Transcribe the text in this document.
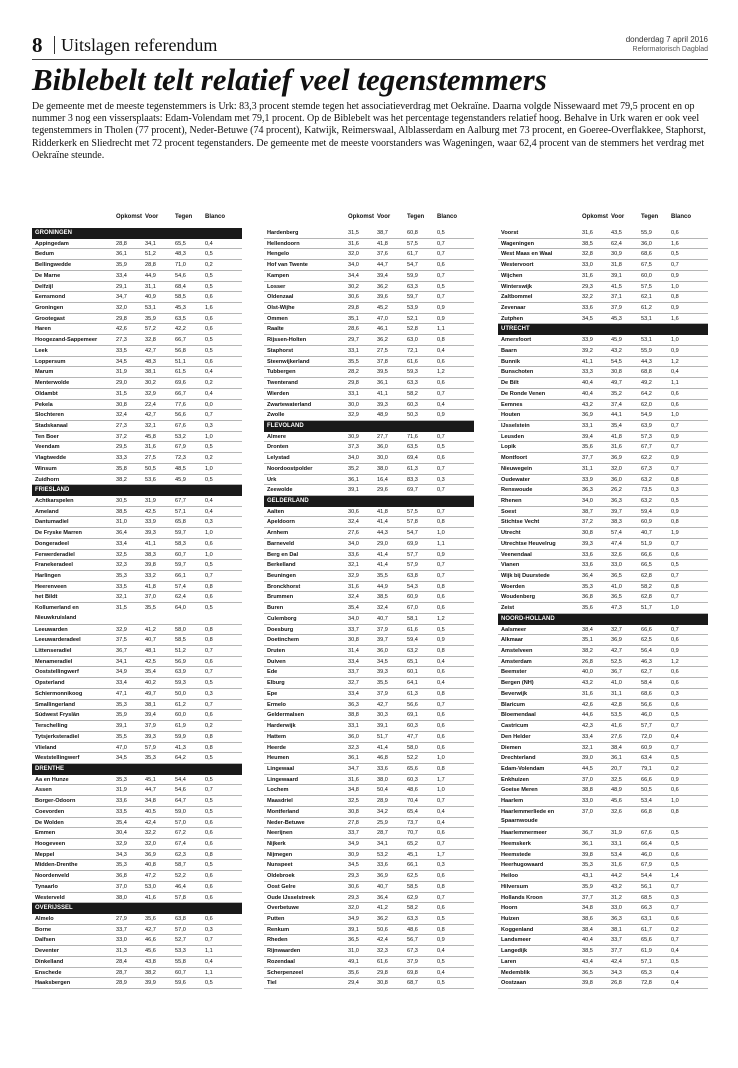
8 Uitslagen referendum	donderdag 7 april 2016
Reformatorisch Dagblad
Biblebelt telt relatief veel tegenstemmers

De gemeente met de meeste tegenstemmers is Urk: 83,3 procent stemde tegen het associatieverdrag met Oekraïne. Daarna volgde Nissewaard met 79,5 procent en op nummer 3 nog een vissersplaats: Edam-Volendam met 79,1 procent. Op de Biblebelt was het percentage tegenstanders relatief hoog. Behalve in Urk waren er ook veel tegenstemmers in Tholen (77 procent), Neder-Betuwe (74 procent), Katwijk, Reimerswaal, Alblasserdam en Aalburg met 73 procent, en Goeree-Overflakkee, Staphorst, Ridderkerk en Sliedrecht met 72 procent tegenstanders. De gemeente met de meeste voorstanders was Wageningen, waar 62,4 procent van de stemmers het verdrag met Oekraïne steunde.

Opkomst Voor	Tegen Blanco
GRONINGEN
Appingedam	28,8	34,1	65,5	0,4
Bedum	36,1	51,2	48,3	0,5
Bellingwedde	35,9	28,8	71,0	0,2
De Marne	33,4	44,9	54,6	0,5
Delfzijl	29,1	31,1	68,4	0,5
Eemsmond	34,7	40,9	58,5	0,6
Groningen	32,0	53,1	45,3	1,6
Grootegast	29,8	35,9	63,5	0,6
Haren	42,6	57,2	42,2	0,6
Hoogezand-Sappemeer	27,3	32,8	66,7	0,5
Leek	33,5	42,7	56,8	0,5
Loppersum	34,5	48,3	51,1	0,6
Marum	31,9	38,1	61,5	0,4
Menterwolde	29,0	30,2	69,6	0,2
Oldambt	31,5	32,9	66,7	0,4
Pekela	30,8	22,4	77,6	0,0
Slochteren	32,4	42,7	56,6	0,7
Stadskanaal	27,3	32,1	67,6	0,3
Ten Boer	37,2	45,8	53,2	1,0
Veendam	29,5	31,6	67,9	0,5
Vlagtwedde	33,3	27,5	72,3	0,2
Winsum	35,8	50,5	48,5	1,0
Zuidhorn	38,2	53,6	45,9	0,5
FRIESLAND
Achtkarspelen	30,5	31,9	67,7	0,4
Ameland	38,5	42,5	57,1	0,4
Dantumadiel	31,0	33,9	65,8	0,3
De Fryske Marren	36,4	39,3	59,7	1,0
Dongeradeel	33,4	41,1	58,3	0,6
Ferwerderadiel	32,5	38,3	60,7	1,0
Franekeradeel	32,3	39,8	59,7	0,5
Harlingen	35,3	33,2	66,1	0,7
Heerenveen	33,5	41,8	57,4	0,8
het Bildt	32,1	37,0	62,4	0,6
Kollumerland en Nieuwkruisland
31,5	35,5	64,0	0,5
Leeuwarden	32,9	41,2	58,0	0,8
Leeuwarderadeel	37,5	40,7	58,5	0,8
Littenseradiel	36,7	48,1	51,2	0,7
Menameradiel	34,1	42,5	56,9	0,6
Ooststellingwerf	34,9	35,4	63,9	0,7
Opsterland	33,4	40,2	59,3	0,5
Schiermonnikoog	47,1	49,7	50,0	0,3
Smallingerland	35,3	38,1	61,2	0,7
Súdwest Fryslân	35,9	39,4	60,0	0,6
Terschelling	39,1	37,9	61,9	0,2
Tytsjerksteradiel	35,5	39,3	59,9	0,8
Vlieland	47,0	57,9	41,3	0,8
Weststellingwerf	34,5	35,3	64,2	0,5
DRENTHE
Aa en Hunze	35,3	45,1	54,4	0,5
Assen	31,9	44,7	54,6	0,7
Borger-Odoorn	33,6	34,8	64,7	0,5
Coevorden	33,5	40,5	59,0	0,5
De Wolden	35,4	42,4	57,0	0,6
Emmen	30,4	32,2	67,2	0,6
Hoogeveen	32,9	32,0	67,4	0,6
Meppel	34,3	36,9	62,3	0,8
Midden-Drenthe	35,3	40,8	58,7	0,5
Noordenveld	36,8	47,2	52,2	0,6
Tynaarlo	37,0	53,0	46,4	0,6
Westerveld	38,0	41,6	57,8	0,6
OVERIJSSEL
Almelo	27,9	35,6	63,8	0,6
Borne	33,7	42,7	57,0	0,3
Dalfsen	33,0	46,6	52,7	0,7
Deventer	31,3	45,6	53,3	1,1
Dinkelland	28,4	43,8	55,8	0,4
Enschede	28,7	38,2	60,7	1,1
Haaksbergen	28,9	39,9	59,6	0,5
Opkomst Voor	Tegen Blanco
Hardenberg	31,5	38,7	60,8	0,5
Hellendoorn	31,6	41,8	57,5	0,7
Hengelo	32,0	37,6	61,7	0,7
Hof van Twente	34,0	44,7	54,7	0,6
Kampen	34,4	39,4	59,9	0,7
Losser	30,2	36,2	63,3	0,5
Oldenzaal	30,6	39,6	59,7	0,7
Olst-Wijhe	29,8	45,2	53,9	0,9
Ommen	35,1	47,0	52,1	0,9
Raalte	28,6	46,1	52,8	1,1
Rijssen-Holten	29,7	36,2	63,0	0,8
Staphorst	33,1	27,5	72,1	0,4
Steenwijkerland	35,5	37,8	61,6	0,6
Tubbergen	28,2	39,5	59,3	1,2
Twenterand	29,8	36,1	63,3	0,6
Wierden	33,1	41,1	58,2	0,7
Zwartewaterland	30,0	39,3	60,3	0,4
Zwolle	32,9	48,9	50,3	0,9
FLEVOLAND
Almere	30,9	27,7	71,6	0,7
Dronten	37,3	36,0	63,5	0,5
Lelystad	34,0	30,0	69,4	0,6
Noordoostpolder	35,2	38,0	61,3	0,7
Urk	36,1	16,4	83,3	0,3
Zeewolde	39,1	29,6	69,7	0,7
GELDERLAND
Aalten	30,6	41,8	57,5	0,7
Apeldoorn	32,4	41,4	57,8	0,8
Arnhem	27,6	44,3	54,7	1,0
Barneveld	34,0	29,0	69,9	1,1
Berg en Dal	33,6	41,4	57,7	0,9
Berkelland	32,1	41,4	57,9	0,7
Beuningen	32,9	35,5	63,8	0,7
Bronckhorst	31,6	44,9	54,3	0,8
Brummen	32,4	38,5	60,9	0,6
Buren	35,4	32,4	67,0	0,6
Culemborg	34,0	40,7	58,1	1,2
Doesburg	33,7	37,9	61,6	0,5
Doetinchem	30,8	39,7	59,4	0,9
Druten	31,4	36,0	63,2	0,8
Duiven	33,4	34,5	65,1	0,4
Ede	33,7	39,3	60,1	0,6
Elburg	32,7	35,5	64,1	0,4
Epe	33,4	37,9	61,3	0,8
Ermelo	36,3	42,7	56,6	0,7
Geldermalsen	38,8	30,3	69,1	0,6
Harderwijk	33,1	39,1	60,3	0,6
Hattem	36,0	51,7	47,7	0,6
Heerde	32,3	41,4	58,0	0,6
Heumen	36,1	46,8	52,2	1,0
Lingewaal	34,7	33,6	65,6	0,8
Lingewaard	31,6	38,0	60,3	1,7
Lochem	34,8	50,4	48,6	1,0
Maasdriel	32,5	28,9	70,4	0,7
Montferland	30,8	34,2	65,4	0,4
Neder-Betuwe	27,8	25,9	73,7	0,4
Neerijnen	33,7	28,7	70,7	0,6
Nijkerk	34,9	34,1	65,2	0,7
Nijmegen	30,9	53,2	45,1	1,7
Nunspeet	34,5	33,6	66,1	0,3
Oldebroek	29,3	36,9	62,5	0,6
Oost Gelre	30,6	40,7	58,5	0,8
Oude IJsselstreek	29,3	36,4	62,9	0,7
Overbetuwe	32,0	41,2	58,2	0,6
Putten	34,9	36,2	63,3	0,5
Renkum	39,1	50,6	48,6	0,8
Rheden	36,5	42,4	56,7	0,9
Rijnwaarden	31,0	32,3	67,3	0,4
Rozendaal	49,1	61,6	37,9	0,5
Scherpenzeel	35,6	29,8	69,8	0,4
Tiel	29,4	30,8	68,7	0,5
Opkomst Voor	Tegen Blanco
Voorst	31,6	43,5	55,9	0,6
Wageningen	38,5	62,4	36,0	1,6
West Maas en Waal	32,8	30,9	68,6	0,5
Westervoort	33,0	31,8	67,5	0,7
Wijchen	31,6	39,1	60,0	0,9
Winterswijk	29,3	41,5	57,5	1,0
Zaltbommel	32,2	37,1	62,1	0,8
Zevenaar	33,6	37,9	61,2	0,9
Zutphen	34,5	45,3	53,1	1,6
UTRECHT
Amersfoort	33,9	45,9	53,1	1,0
Baarn	39,2	43,2	55,9	0,9
Bunnik	41,1	54,5	44,3	1,2
Bunschoten	33,3	30,8	68,8	0,4
De Bilt	40,4	49,7	49,2	1,1
De Ronde Venen	40,4	35,2	64,2	0,6
Eemnes	43,2	37,4	62,0	0,6
Houten	36,9	44,1	54,9	1,0
IJsselstein	33,1	35,4	63,9	0,7
Leusden	39,4	41,8	57,3	0,9
Lopik	35,6	31,6	67,7	0,7
Montfoort	37,7	36,9	62,2	0,9
Nieuwegein	31,1	32,0	67,3	0,7
Oudewater	33,9	36,0	63,2	0,8
Renswoude	36,3	26,2	73,5	0,3
Rhenen	34,0	36,3	63,2	0,5
Soest	38,7	39,7	59,4	0,9
Stichtse Vecht	37,2	38,3	60,9	0,8
Utrecht	30,8	57,4	40,7	1,9
Utrechtse Heuvelrug	39,3	47,4	51,9	0,7
Veenendaal	33,6	32,6	66,6	0,6
Vianen	33,6	33,0	66,5	0,5
Wijk bij Duurstede	36,4	36,5	62,8	0,7
Woerden	35,3	41,0	58,2	0,8
Woudenberg	36,8	36,5	62,8	0,7
Zeist	35,6	47,3	51,7	1,0
NOORD-HOLLAND
Aalsmeer	38,4	32,7	66,6	0,7
Alkmaar	35,1	36,9	62,5	0,6
Amstelveen	38,2	42,7	56,4	0,9
Amsterdam	26,8	52,5	46,3	1,2
Beemster	40,0	36,7	62,7	0,6
Bergen (NH)	43,2	41,0	58,4	0,6
Beverwijk	31,6	31,1	68,6	0,3
Blaricum	42,6	42,8	56,6	0,6
Bloemendaal	44,6	53,5	46,0	0,5
Castricum	42,3	41,6	57,7	0,7
Den Helder	33,4	27,6	72,0	0,4
Diemen	32,1	38,4	60,9	0,7
Drechterland	39,0	36,1	63,4	0,5
Edam-Volendam	44,5	20,7	79,1	0,2
Enkhuizen	37,0	32,5	66,6	0,9
Goeise Meren	38,8	48,9	50,5	0,6
Haarlem	33,0	45,6	53,4	1,0
Haarlemmerliede en Spaarnwoude
37,0	32,6	66,8	0,8
Haarlemmermeer	36,7	31,9	67,6	0,5
Heemskerk	36,1	33,1	66,4	0,5
Heemstede	39,8	53,4	46,0	0,6
Heerhugowaard	35,3	31,6	67,9	0,5
Heiloo	43,1	44,2	54,4	1,4
Hilversum	35,9	43,2	56,1	0,7
Hollands Kroon	37,7	31,2	68,5	0,3
Hoorn	34,8	33,0	66,3	0,7
Huizen	38,6	36,3	63,1	0,6
Koggenland	38,4	38,1	61,7	0,2
Landsmeer	40,4	33,7	65,6	0,7
Langedijk	38,5	37,7	61,9	0,4
Laren	43,4	42,4	57,1	0,5
Medemblik	36,5	34,3	65,3	0,4
Oostzaan	39,8	26,8	72,8	0,4
